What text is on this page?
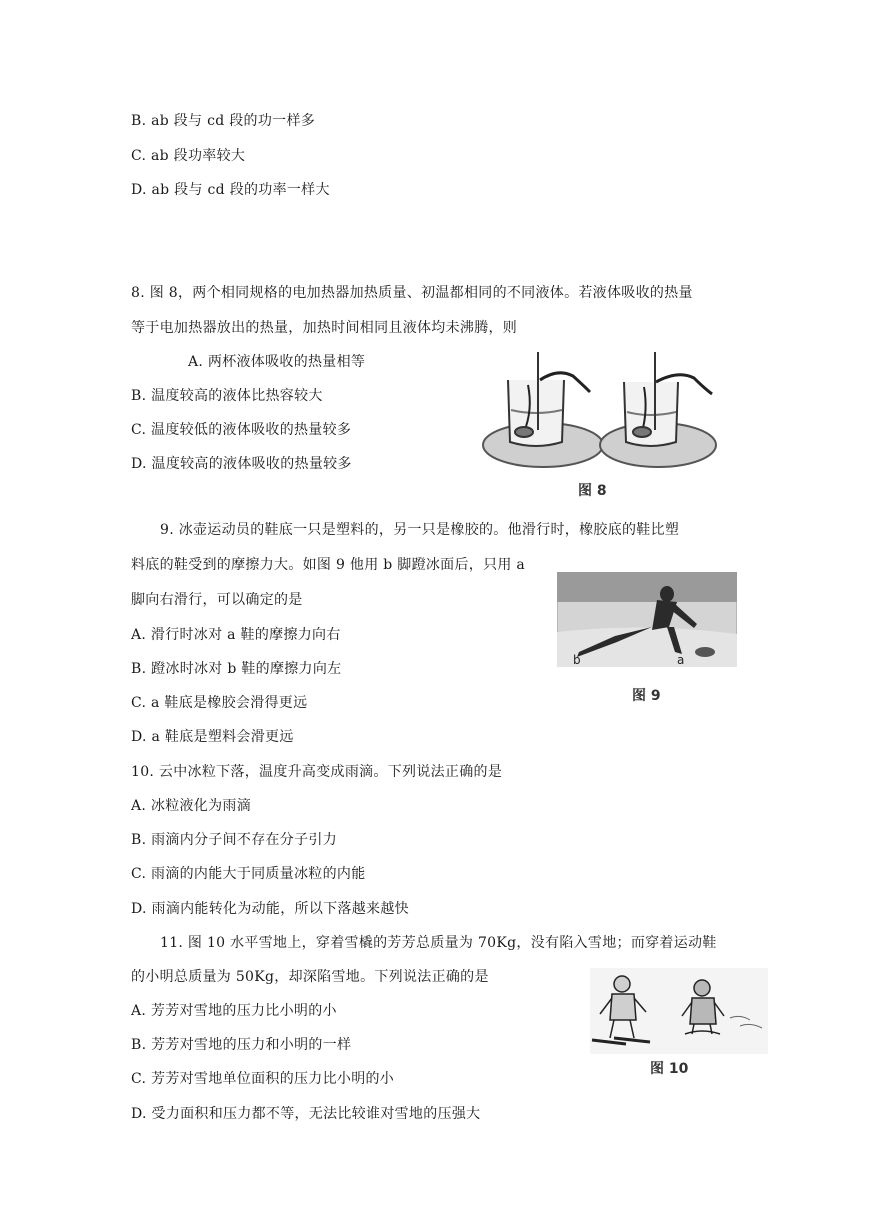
B. ab 段与 cd 段的功一样多
C. ab 段功率较大
D. ab 段与 cd 段的功率一样大
8. 图 8，两个相同规格的电加热器加热质量、初温都相同的不同液体。若液体吸收的热量
等于电加热器放出的热量，加热时间相同且液体均未沸腾，则
A. 两杯液体吸收的热量相等
B. 温度较高的液体比热容较大
C. 温度较低的液体吸收的热量较多
D. 温度较高的液体吸收的热量较多
图 8
9. 冰壶运动员的鞋底一只是塑料的，另一只是橡胶的。他滑行时，橡胶底的鞋比塑
料底的鞋受到的摩擦力大。如图 9 他用 b 脚蹬冰面后，只用 a
脚向右滑行，可以确定的是
A. 滑行时冰对 a 鞋的摩擦力向右
B. 蹬冰时冰对 b 鞋的摩擦力向左
C. a 鞋底是橡胶会滑得更远
D. a 鞋底是塑料会滑更远
b	a
图 9
10. 云中冰粒下落，温度升高变成雨滴。下列说法正确的是
A. 冰粒液化为雨滴
B. 雨滴内分子间不存在分子引力
C. 雨滴的内能大于同质量冰粒的内能
D. 雨滴内能转化为动能，所以下落越来越快
11. 图 10 水平雪地上，穿着雪橇的芳芳总质量为 70Kg，没有陷入雪地；而穿着运动鞋
的小明总质量为 50Kg，却深陷雪地。下列说法正确的是
A. 芳芳对雪地的压力比小明的小
B. 芳芳对雪地的压力和小明的一样
C. 芳芳对雪地单位面积的压力比小明的小
D. 受力面积和压力都不等，无法比较谁对雪地的压强大
图 10
